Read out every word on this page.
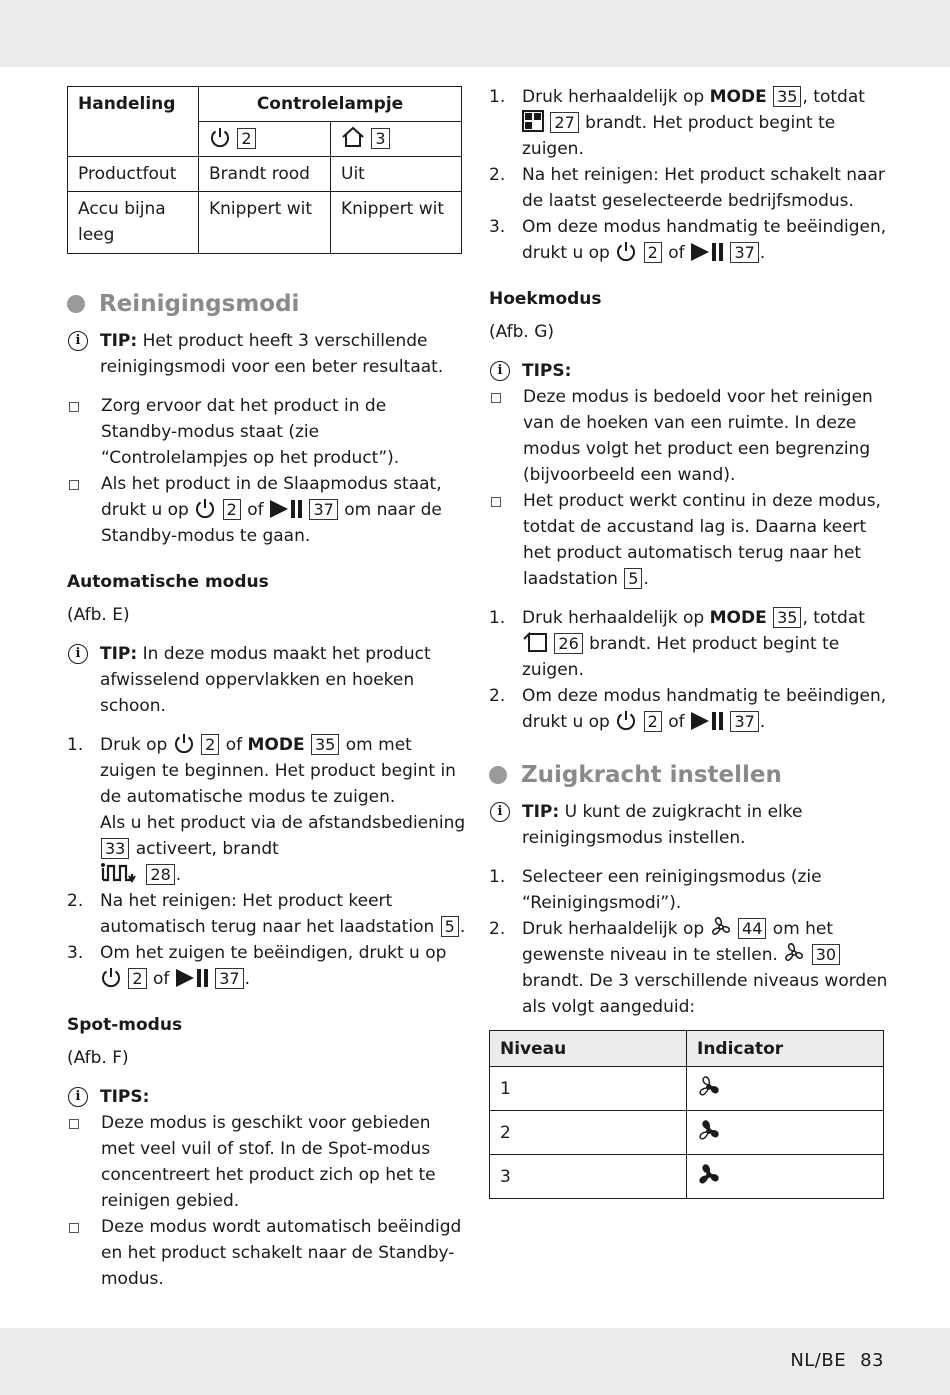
Handeling	Controlelampje	
	2	3
Productfout	Brandt rood	Uit
Accu bijna leeg	Knippert wit	Knippert wit
Reinigingsmodi
i	TIP: Het product heeft 3 verschillende reinigingsmodi voor een beter resultaat.
Zorg ervoor dat het product in de Standby-modus staat (zie “Controlelampjes op het product”).
Als het product in de Slaapmodus staat, drukt u op 2 of	37 om naar de Standby-modus te gaan.
Automatische modus
(Afb. E)
i	TIP: In deze modus maakt het product afwisselend oppervlakken en hoeken schoon.
1. Druk op 2 of MODE 35 om met zuigen te beginnen. Het product begint in de automatische modus te zuigen.
Als u het product via de afstandsbediening 33 activeert, brandt
28 .
2. Na het reinigen: Het product keert automatisch terug naar het laadstation 5 .
3. Om het zuigen te beëindigen, drukt u op
2 of	37 .
Spot-modus
(Afb. F)
i	TIPS:
Deze modus is geschikt voor gebieden met veel vuil of stof. In de Spot-modus concentreert het product zich op het te reinigen gebied.
Deze modus wordt automatisch beëindigd en het product schakelt naar de Standby-modus.
1. Druk herhaaldelijk op MODE 35 , totdat
27 brandt. Het product begint te zuigen.
2. Na het reinigen: Het product schakelt naar de laatst geselecteerde bedrijfsmodus.
3. Om deze modus handmatig te beëindigen, drukt u op 2 of	37 .
Hoekmodus
(Afb. G)
i	TIPS:
Deze modus is bedoeld voor het reinigen van de hoeken van een ruimte. In deze modus volgt het product een begrenzing (bijvoorbeeld een wand).
Het product werkt continu in deze modus, totdat de accustand lag is. Daarna keert het product automatisch terug naar het laadstation 5 .
1. Druk herhaaldelijk op MODE 35 , totdat
26 brandt. Het product begint te zuigen.
2. Om deze modus handmatig te beëindigen, drukt u op 2 of	37 .
Zuigkracht instellen
i	TIP: U kunt de zuigkracht in elke reinigingsmodus instellen.
1. Selecteer een reinigingsmodus (zie “Reinigingsmodi”).
2. Druk herhaaldelijk op 44 om het gewenste niveau in te stellen. 30 brandt. De 3 verschillende niveaus worden als volgt aangeduid:
Niveau	Indicator
1	
2	
3	
NL/BE 83
